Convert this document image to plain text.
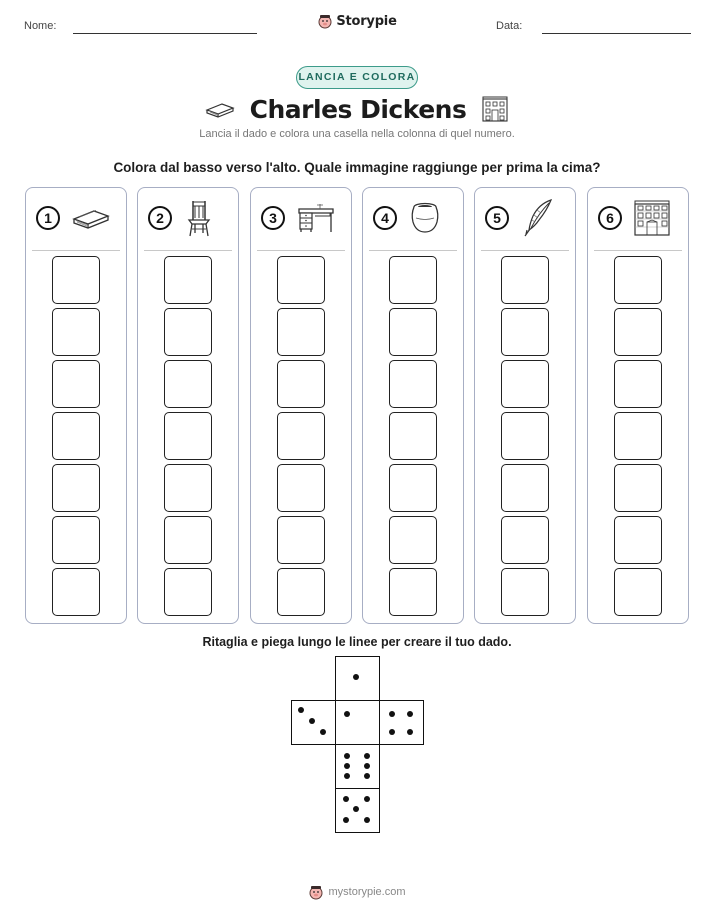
Nome:	Data:
Storypie
LANCIA E COLORA
Charles Dickens
Lancia il dado e colora una casella nella colonna di quel numero.
Colora dal basso verso l'alto. Quale immagine raggiunge per prima la cima?
1	2	3	4	5	6
Ritaglia e piega lungo le linee per creare il tuo dado.
mystorypie.com
